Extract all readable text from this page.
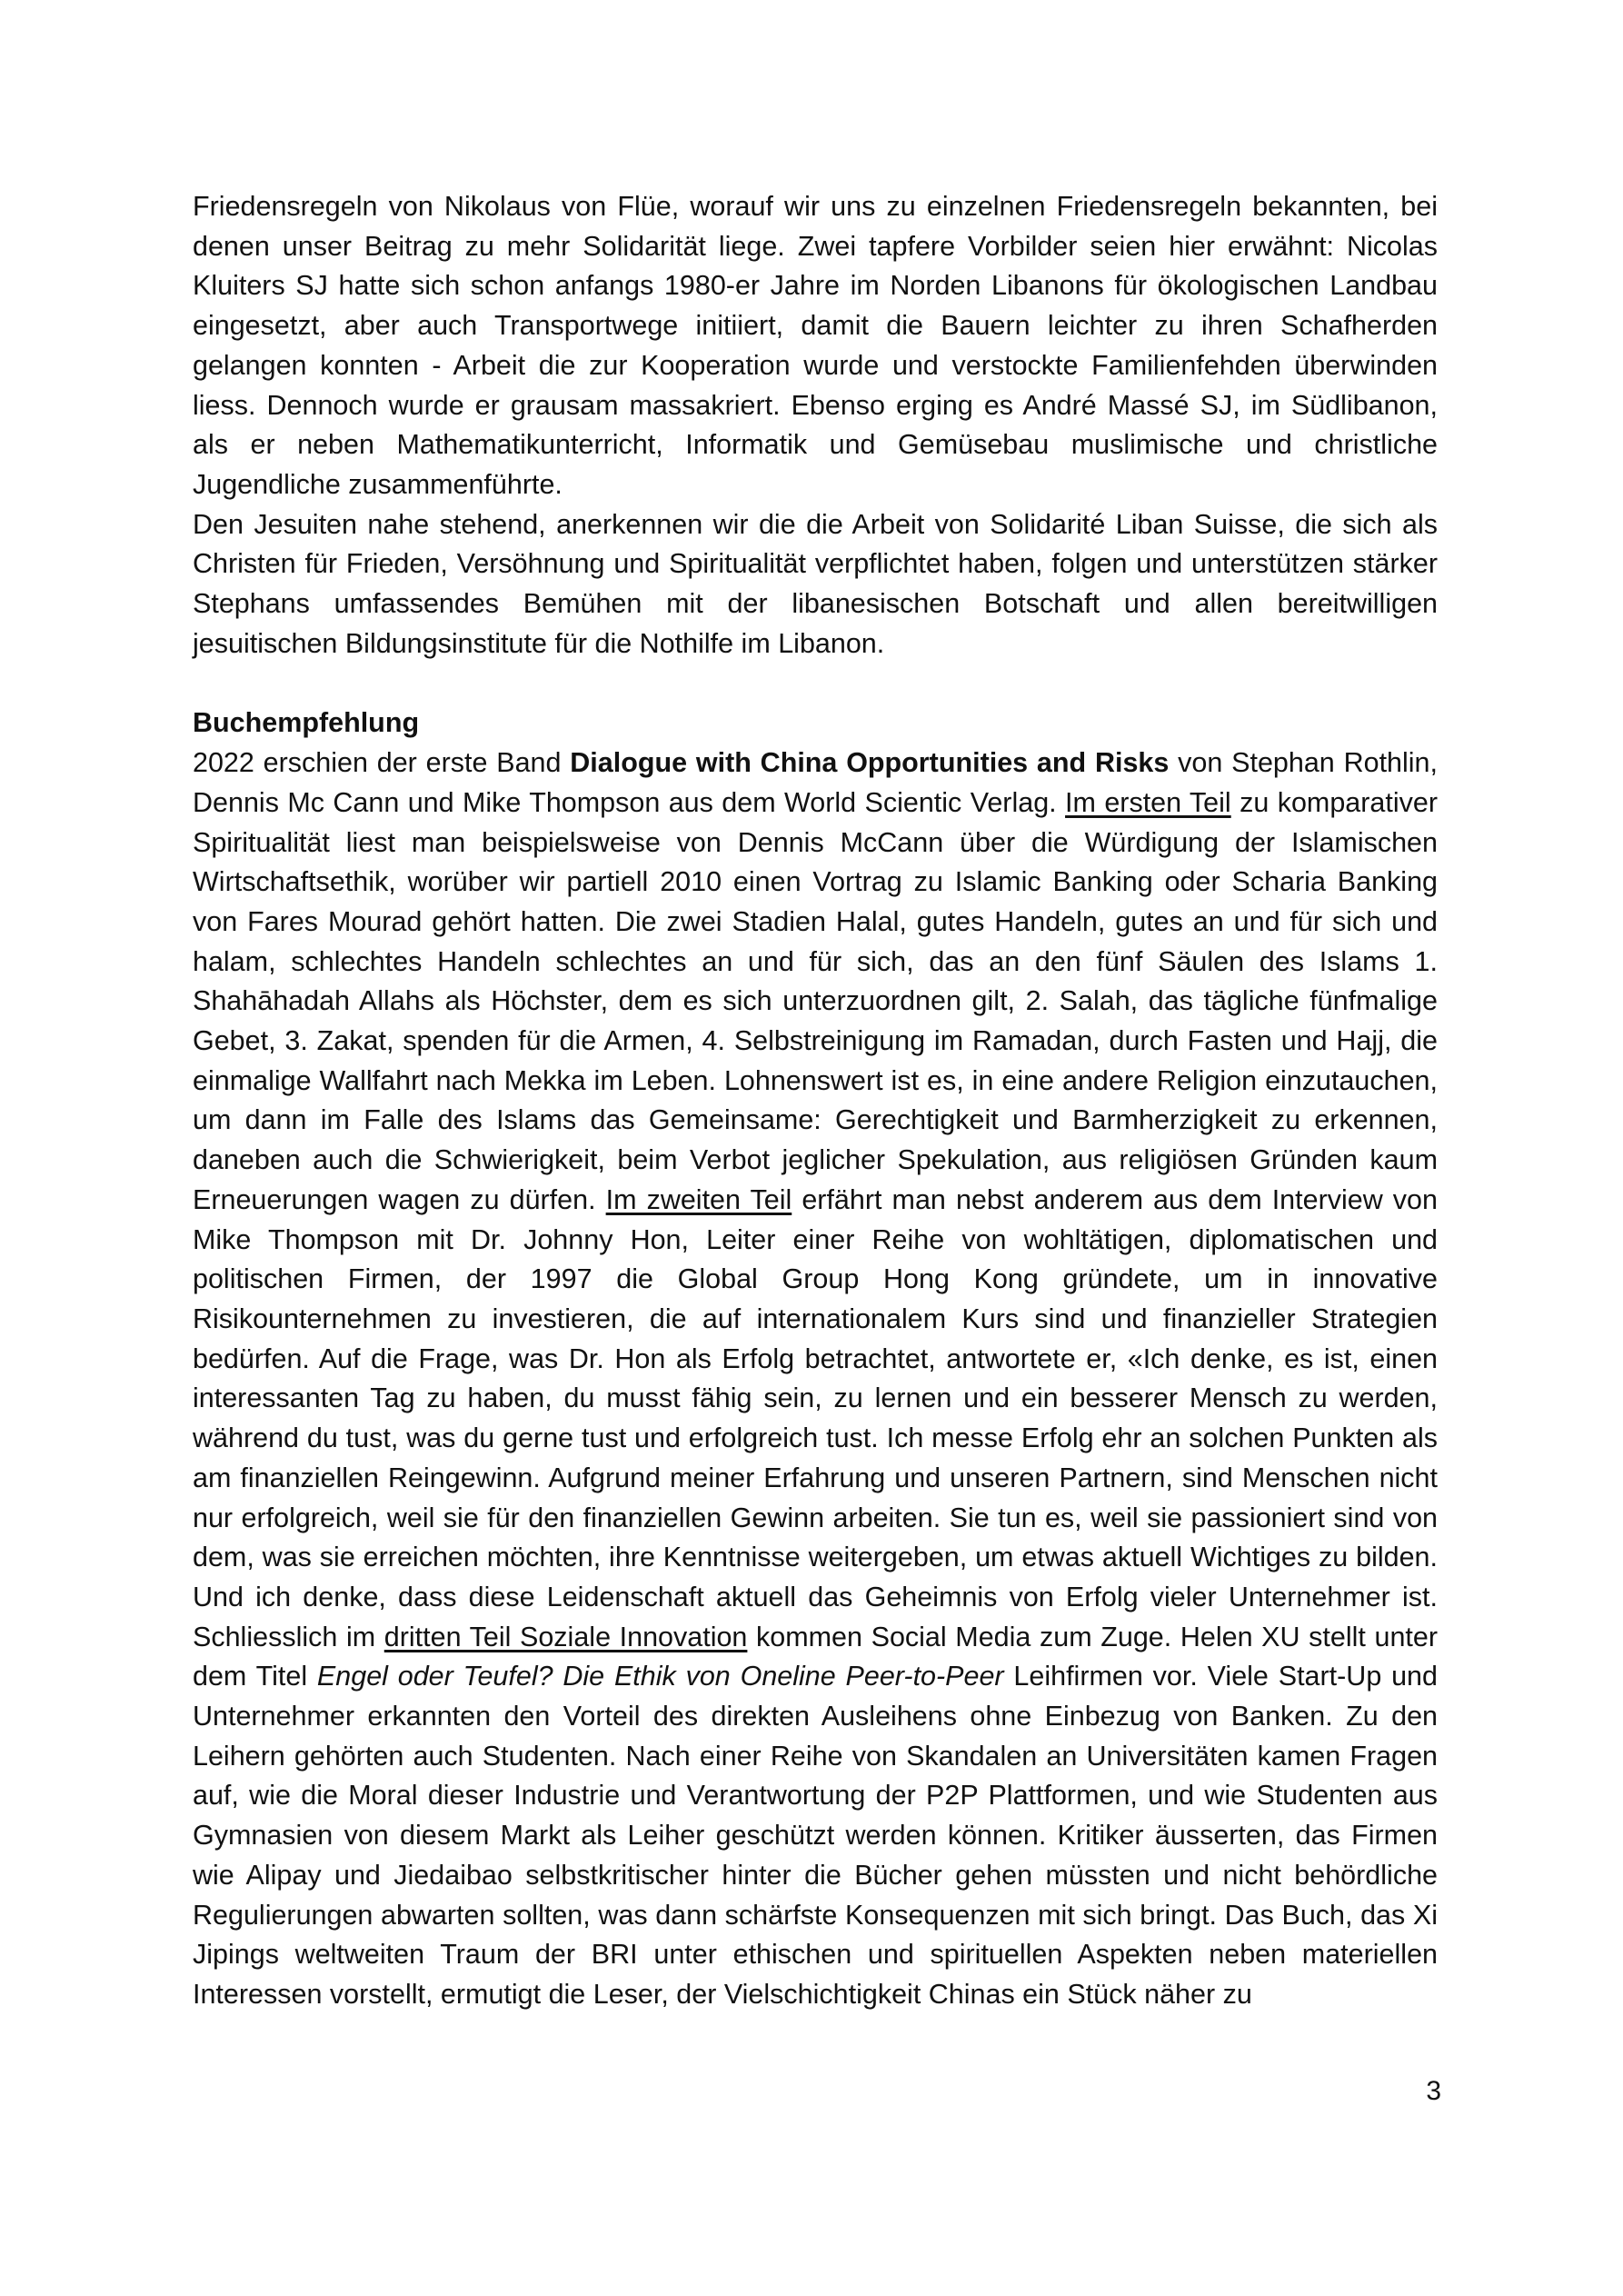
Friedensregeln von Nikolaus von Flüe, worauf wir uns zu einzelnen Friedensregeln bekannten, bei denen unser Beitrag zu mehr Solidarität liege. Zwei tapfere Vorbilder seien hier erwähnt: Nicolas Kluiters SJ hatte sich schon anfangs 1980-er Jahre im Norden Libanons für ökologischen Landbau eingesetzt, aber auch Transportwege initiiert, damit die Bauern leichter zu ihren Schafherden gelangen konnten - Arbeit die zur Kooperation wurde und verstockte Familienfehden überwinden liess. Dennoch wurde er grausam massakriert. Ebenso erging es André Massé SJ, im Südlibanon, als er neben Mathematikunterricht, Informatik und Gemüsebau muslimische und christliche Jugendliche zusammenführte.

Den Jesuiten nahe stehend, anerkennen wir die die Arbeit von Solidarité Liban Suisse, die sich als Christen für Frieden, Versöhnung und Spiritualität verpflichtet haben, folgen und unterstützen stärker Stephans umfassendes Bemühen mit der libanesischen Botschaft und allen bereitwilligen jesuitischen Bildungsinstitute für die Nothilfe im Libanon.

Buchempfehlung

2022 erschien der erste Band Dialogue with China Opportunities and Risks von Stephan Rothlin, Dennis Mc Cann und Mike Thompson aus dem World Scientic Verlag. Im ersten Teil zu komparativer Spiritualität liest man beispielsweise von Dennis McCann über die Würdigung der Islamischen Wirtschaftsethik, worüber wir partiell 2010 einen Vortrag zu Islamic Banking oder Scharia Banking von Fares Mourad gehört hatten. Die zwei Stadien Halal, gutes Handeln, gutes an und für sich und halam, schlechtes Handeln schlechtes an und für sich, das an den fünf Säulen des Islams 1. Shahāhadah Allahs als Höchster, dem es sich unterzuordnen gilt, 2. Salah, das tägliche fünfmalige Gebet, 3. Zakat, spenden für die Armen, 4. Selbstreinigung im Ramadan, durch Fasten und Hajj, die einmalige Wallfahrt nach Mekka im Leben. Lohnenswert ist es, in eine andere Religion einzutauchen, um dann im Falle des Islams das Gemeinsame: Gerechtigkeit und Barmherzigkeit zu erkennen, daneben auch die Schwierigkeit, beim Verbot jeglicher Spekulation, aus religiösen Gründen kaum Erneuerungen wagen zu dürfen. Im zweiten Teil erfährt man nebst anderem aus dem Interview von Mike Thompson mit Dr. Johnny Hon, Leiter einer Reihe von wohltätigen, diplomatischen und politischen Firmen, der 1997 die Global Group Hong Kong gründete, um in innovative Risikounternehmen zu investieren, die auf internationalem Kurs sind und finanzieller Strategien bedürfen. Auf die Frage, was Dr. Hon als Erfolg betrachtet, antwortete er, «Ich denke, es ist, einen interessanten Tag zu haben, du musst fähig sein, zu lernen und ein besserer Mensch zu werden, während du tust, was du gerne tust und erfolgreich tust. Ich messe Erfolg ehr an solchen Punkten als am finanziellen Reingewinn. Aufgrund meiner Erfahrung und unseren Partnern, sind Menschen nicht nur erfolgreich, weil sie für den finanziellen Gewinn arbeiten. Sie tun es, weil sie passioniert sind von dem, was sie erreichen möchten, ihre Kenntnisse weitergeben, um etwas aktuell Wichtiges zu bilden. Und ich denke, dass diese Leidenschaft aktuell das Geheimnis von Erfolg vieler Unternehmer ist. Schliesslich im dritten Teil Soziale Innovation kommen Social Media zum Zuge. Helen XU stellt unter dem Titel Engel oder Teufel? Die Ethik von Oneline Peer-to-Peer Leihfirmen vor. Viele Start-Up und Unternehmer erkannten den Vorteil des direkten Ausleihens ohne Einbezug von Banken. Zu den Leihern gehörten auch Studenten. Nach einer Reihe von Skandalen an Universitäten kamen Fragen auf, wie die Moral dieser Industrie und Verantwortung der P2P Plattformen, und wie Studenten aus Gymnasien von diesem Markt als Leiher geschützt werden können. Kritiker äusserten, das Firmen wie Alipay und Jiedaibao selbstkritischer hinter die Bücher gehen müssten und nicht behördliche Regulierungen abwarten sollten, was dann schärfste Konsequenzen mit sich bringt. Das Buch, das Xi Jipings weltweiten Traum der BRI unter ethischen und spirituellen Aspekten neben materiellen Interessen vorstellt, ermutigt die Leser, der Vielschichtigkeit Chinas ein Stück näher zu

3
